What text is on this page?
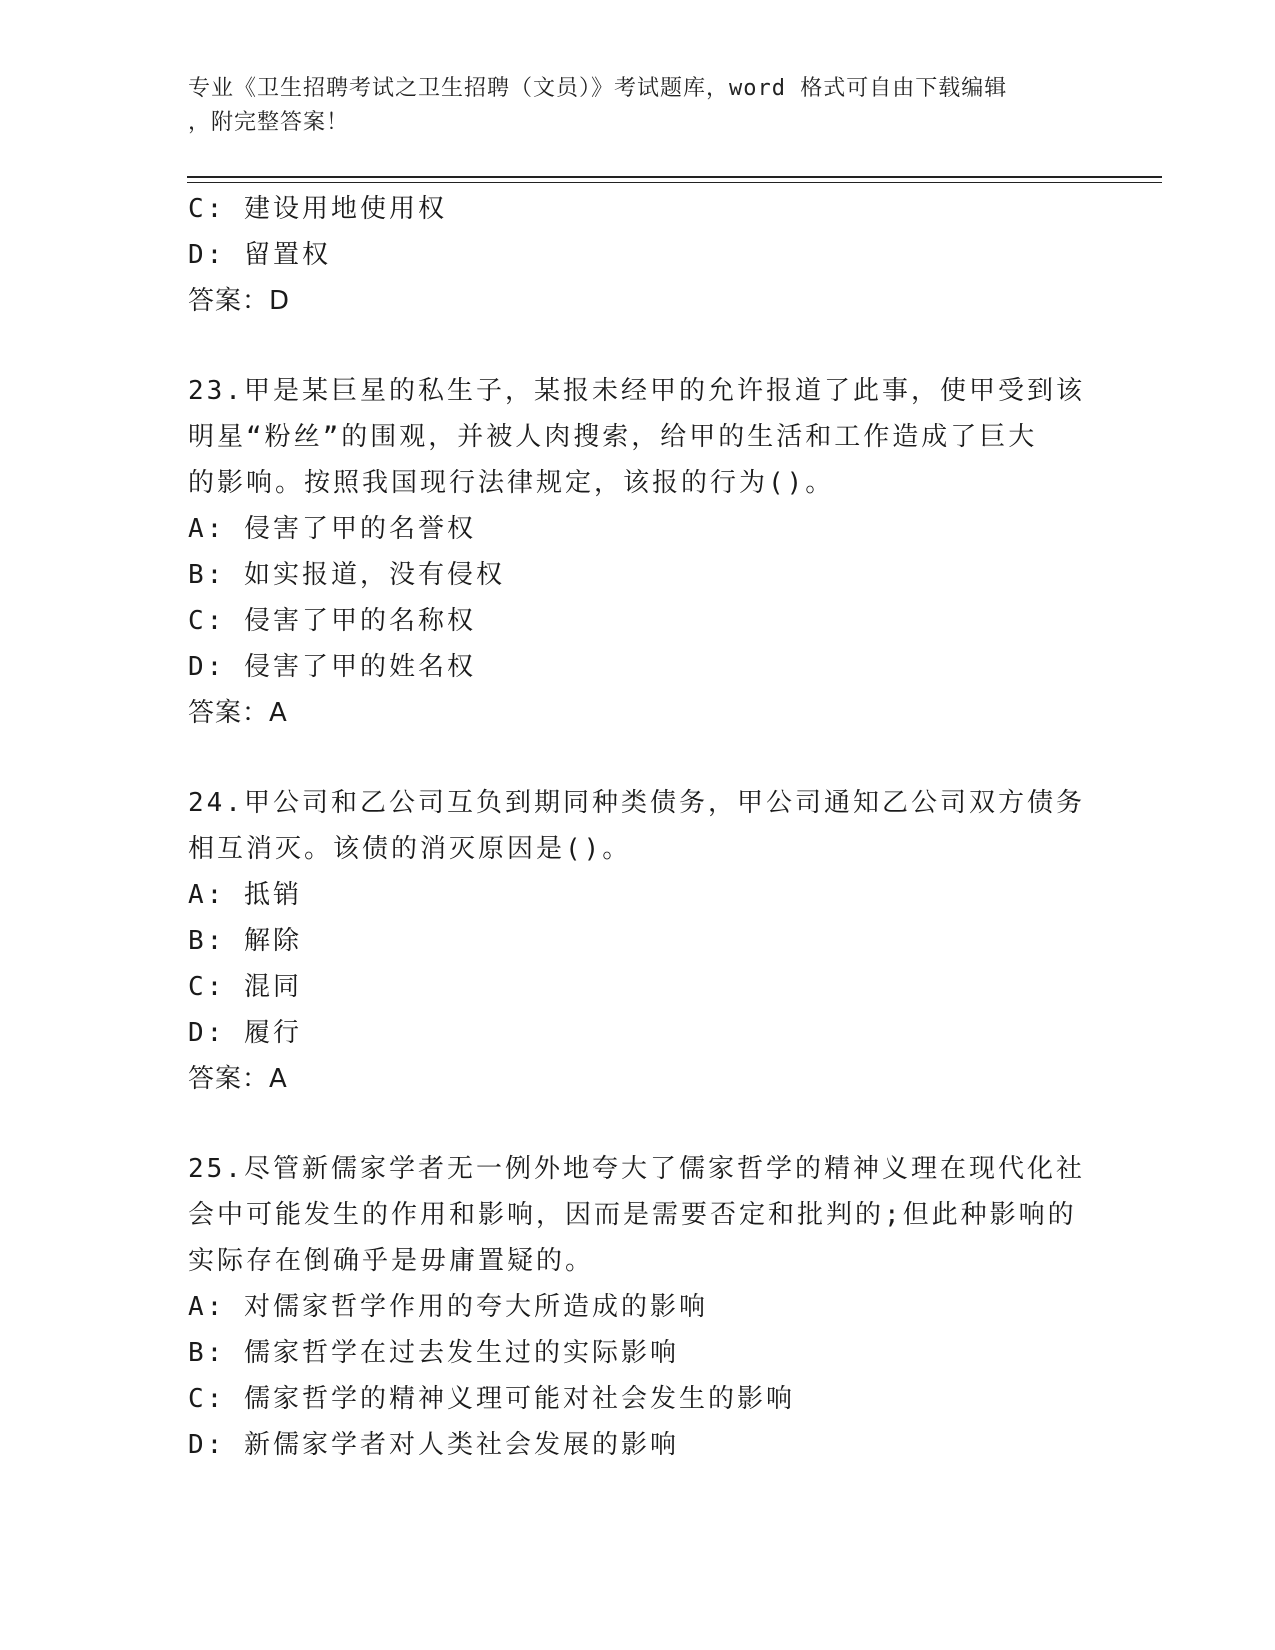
专业《卫生招聘考试之卫生招聘（文员）》考试题库，word 格式可自由下载编辑

，附完整答案！

C: 建设用地使用权
D: 留置权
答案：D
23.甲是某巨星的私生子，某报未经甲的允许报道了此事，使甲受到该
明星“粉丝”的围观，并被人肉搜索，给甲的生活和工作造成了巨大
的影响。按照我国现行法律规定，该报的行为()。
A: 侵害了甲的名誉权
B: 如实报道，没有侵权
C: 侵害了甲的名称权
D: 侵害了甲的姓名权
答案：A
24.甲公司和乙公司互负到期同种类债务，甲公司通知乙公司双方债务
相互消灭。该债的消灭原因是()。
A: 抵销
B: 解除
C: 混同
D: 履行
答案：A
25.尽管新儒家学者无一例外地夸大了儒家哲学的精神义理在现代化社
会中可能发生的作用和影响，因而是需要否定和批判的;但此种影响的
实际存在倒确乎是毋庸置疑的。
A: 对儒家哲学作用的夸大所造成的影响
B: 儒家哲学在过去发生过的实际影响
C: 儒家哲学的精神义理可能对社会发生的影响
D: 新儒家学者对人类社会发展的影响
